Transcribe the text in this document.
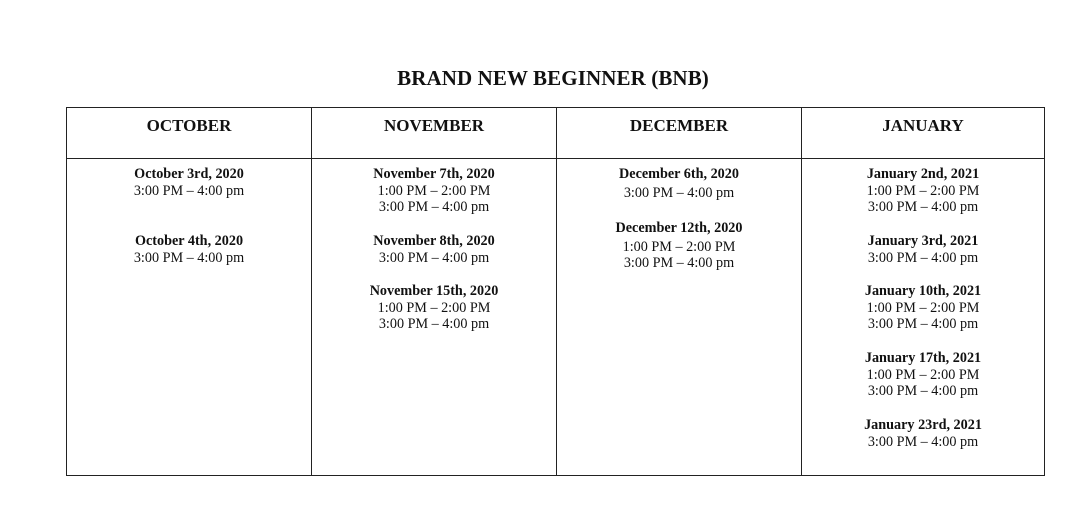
BRAND NEW BEGINNER (BNB)
OCTOBER
October 3rd, 2020
3:00 PM – 4:00 pm
October 4th, 2020
3:00 PM – 4:00 pm
NOVEMBER
November 7th, 2020
1:00 PM – 2:00 PM
3:00 PM – 4:00 pm
November 8th, 2020
3:00 PM – 4:00 pm
November 15th, 2020
1:00 PM – 2:00 PM
3:00 PM – 4:00 pm
DECEMBER
December 6th, 2020
3:00 PM – 4:00 pm
December 12th, 2020
1:00 PM – 2:00 PM
3:00 PM – 4:00 pm
JANUARY
January 2nd, 2021
1:00 PM – 2:00 PM
3:00 PM – 4:00 pm
January 3rd, 2021
3:00 PM – 4:00 pm
January 10th, 2021
1:00 PM – 2:00 PM
3:00 PM – 4:00 pm
January 17th, 2021
1:00 PM – 2:00 PM
3:00 PM – 4:00 pm
January 23rd, 2021
3:00 PM – 4:00 pm
